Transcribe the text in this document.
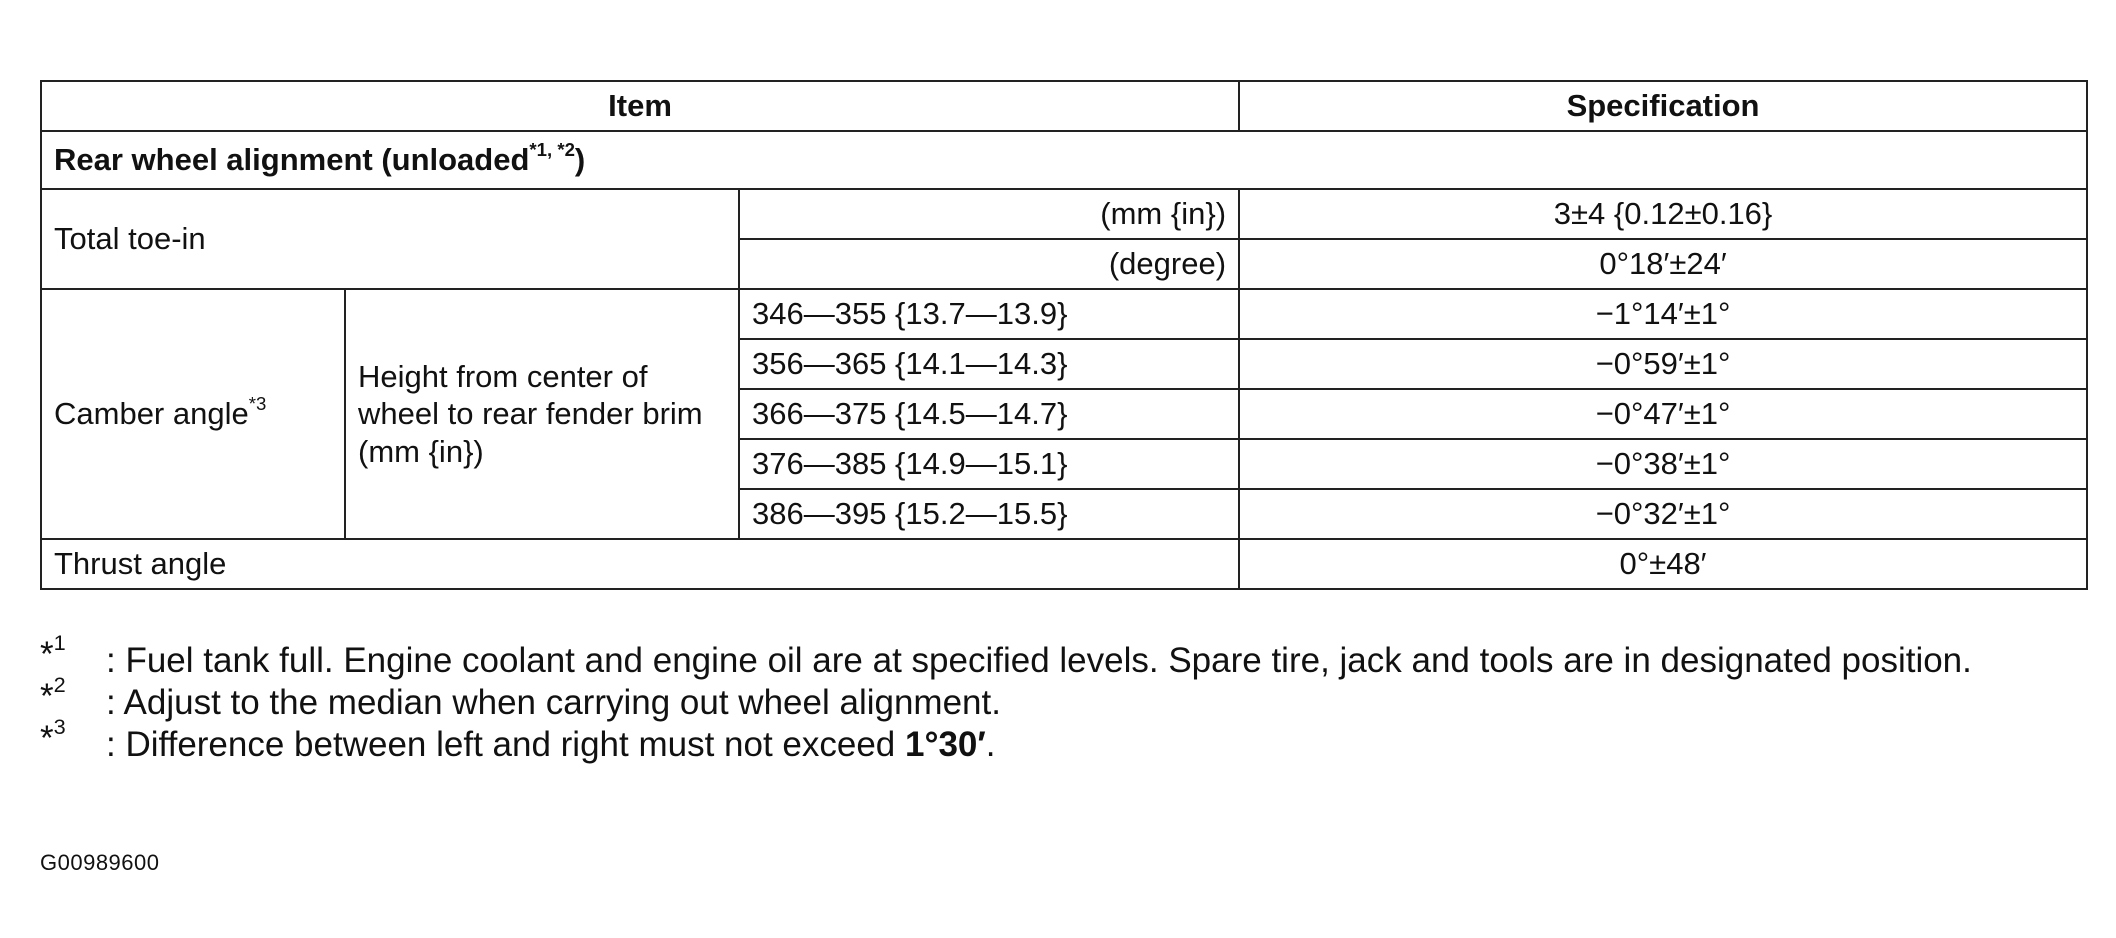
Item			Specification
Rear wheel alignment (unloaded$^{*1, *2}$)			
Total toe-in		(mm {in})	3±4 {0.12±0.16}
		(degree)	0°18′±24′
Camber angle$^{*3}$	Height from center of wheel to rear fender brim (mm {in})	346—355 {13.7—13.9}	−1°14′±1°
		356—365 {14.1—14.3}	−0°59′±1°
		366—375 {14.5—14.7}	−0°47′±1°
		376—385 {14.9—15.1}	−0°38′±1°
		386—395 {15.2—15.5}	−0°32′±1°
Thrust angle			0°±48′
*$^1$	: Fuel tank full. Engine coolant and engine oil are at specified levels. Spare tire, jack and tools are in designated position.
*$^2$	: Adjust to the median when carrying out wheel alignment.
*$^3$	: Difference between left and right must not exceed 1°30′.
G00989600
